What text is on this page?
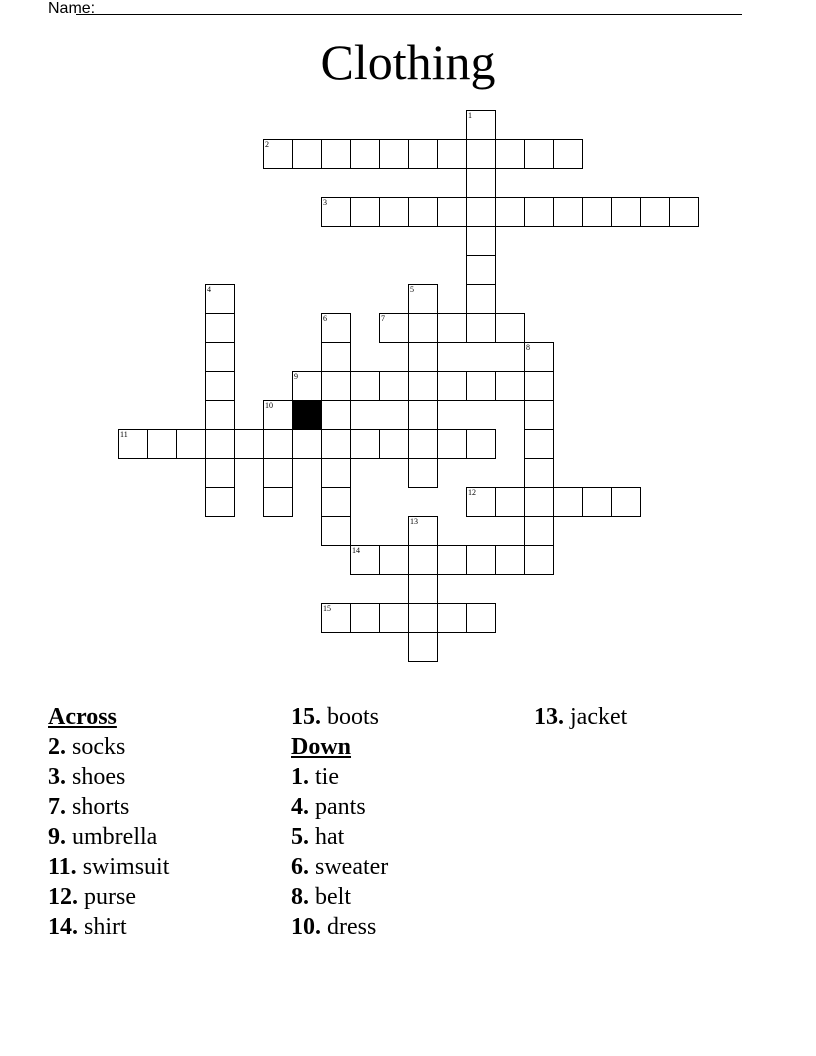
Name:
Clothing
1
2
3
4	5
6	7
8
9
10
11
12
13
14
15
Across
2. socks
3. shoes
7. shorts
9. umbrella
11. swimsuit
12. purse
14. shirt
15. boots
Down
1. tie
4. pants
5. hat
6. sweater
8. belt
10. dress
13. jacket
